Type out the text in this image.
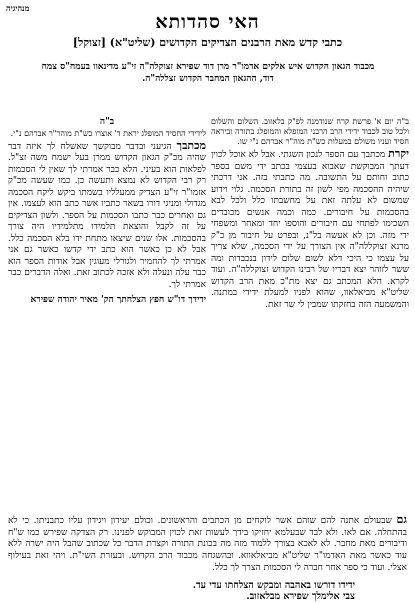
מנהיגיה
האי סהדותא
כתבי קדש מאת הרבנים הצדיקים הקדושים (שליט"א) [זצוקל]
מכבוד הגאון הקדוש איש אלקים אדמו"ר מרן דוד שפירא זצוקלה"ה זי"ע מדינאוו בעמח"ס צמח דוד, ההגאון המחבר הקדוש זצללה"ה.

ב"ה יום א' פרשת קרח שנודמנה לפ"ק בלאזוב. השלום והשלום ולכל טוב לכבוד ידידי הרב הרבני המופלא והמופלג בתורה וביראה חסיד ועניו משולם במעלות כש"ת מוה"ר אברהם נ"י שו.

יקרת מכתבך עם הספר לנכון השגתי. אבל לא אוכל לכוין דעתך המבוקשת שאבוא בעצמי בכתב ידי משם בספר כתוב וחותם על התשובה. מה כתבתי בזה. אני דרכתי שיהיה ההסכמה מפי לשון זה בתורת הסכמה. גלוי וידוע שמשום לא עלתה זאת על מחשבתו כלל ולכל לבא בהסכמות על חיבורים. כמה וכמה אנשים מכובדים השכימו לפתחי עם חיבורים והוספו יחד ומאחר ומשפחי ידי מזה. וכן לא אעשה בל"נ, ובפרט על חיבור מן כ"ק מרנא זצוקללה"ה אין הצורך על ידי הסכמה, שלא צריך על עצמו כי היכי דלא לשום שלום לידון בנכבדות ומה ששר לזוהר יצא דבריו של רבינו הקדוש זצוקללה"ה. ועוד לקרא. הלא המכתב גם יצא מת"כ מאת הרב הקדוש שליט"א מביאלאוו, שהוא לפניו למעלת ידידי במתנה. והמשמעה הזה בחזקתו שמבין לי שר זאת.

ב"ה

לידידי החסיד המופלג יראת ד' אוצרו כש"ת מוהר"ר אברהם נ"י.

מכתבך הגיעני ובדבר מבוקשך שאשלח לך איזה דבר שהיה מכ"ק הגאון הקדוש ממרן בעל ישמח משה זצ"ל. לפלאות הוא בעיני. הלא כבר אמרתי לך שאין לי הסכמות רק רבי הקדוש לא נמצא ותעשה כן. כמו שעשה מכ"ק אזמו"ר זי"ע הצדיק ממעלליו בשמתו ביקש ליקח הסכמה מגדולי ומניגי דורו בשאר כתביו אשר כתב הוא לעצמו. אין גם ואחרים כבר כתבו הסכמות על הספר. ולשון הצדיקים על זה לקבל והוצאת תלמידו מתלמידיו היה צורך בהסכמות. אלו שנים שיצאו מתחת ידו בלא הסכמה כלל. אבל לא כן כאשר הוא כתב ידי קדשו כאשר גם אני אמרתי לך להחמיר ולגורלי מעוגין אבל אודות הספר הוא כבר עלה ונעלה ולא אזכה לכתוב זאת. ואלה הדברים כבר אמרתי לך.

ידידך דו"ש חפץ הצלחתך הק' מאיר יהודה שפירא

גם שבעולם אתנה להם שוהם אשר לוקחים מן הכתבים והראשונים. וכולם יעידון ויגידון עליו כתבניתו. כי לא בהתחלה. אם לאו. ולא לבד שבעלמא יחזיקו בידך לעשות זאת לכוין המבוקש לפנינו. רק הצדקה שפירש כמו ש"ח ודיבורים מאת מחבר. לא לאכא בצורך ללמוד מזה מה בכונת התורה וקצרת הדבר כל שכתוב שהבל היה ישרה ללא עוד כאשר מאת האדמו"ר שליט"א מביאלאווא. ובהשגחה מכבוד הרב הקדוש. ובעזרת השי"ת. ויהי זאת בעילוף אצלי. ועוד כי ספר אחר חברה לי הסכמות הצרך לך כלל.
ידידו דורשו באהבה ומבקש הצלחתו עדי עד.
צבי אלימלך שפירא מבלאזוב.
